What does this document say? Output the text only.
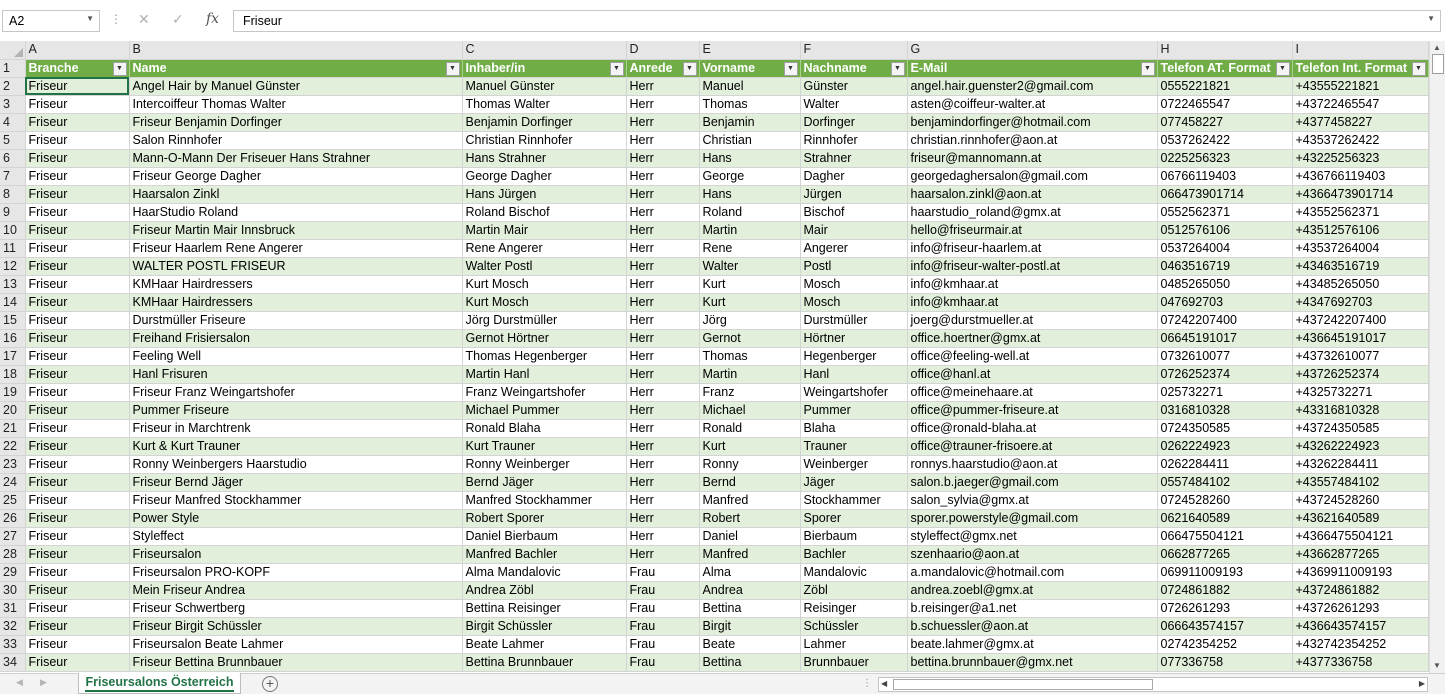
A2	▼ ⋮ ✕ ✓ fx	Friseur	▼
	A	B	C	D	E	F	G	H	I
1	Branche ▼	Name ▼	Inhaber/in ▼	Anrede ▼	Vorname ▼	Nachname ▼	E-Mail ▼	Telefon AT. Format ▼	Telefon Int. Format ▼

2	Friseur	Angel Hair by Manuel Günster	Manuel Günster	Herr	Manuel	Günster	angel.hair.guenster2@gmail.com	0555221821	+43555221821
3	Friseur	Intercoiffeur Thomas Walter	Thomas Walter	Herr	Thomas	Walter	asten@coiffeur-walter.at	0722465547	+43722465547
4	Friseur	Friseur Benjamin Dorfinger	Benjamin Dorfinger	Herr	Benjamin	Dorfinger	benjamindorfinger@hotmail.com	077458227	+4377458227
5	Friseur	Salon Rinnhofer	Christian Rinnhofer	Herr	Christian	Rinnhofer	christian.rinnhofer@aon.at	0537262422	+43537262422
6	Friseur	Mann-O-Mann Der Friseuer Hans Strahner	Hans Strahner	Herr	Hans	Strahner	friseur@mannomann.at	0225256323	+43225256323
7	Friseur	Friseur George Dagher	George Dagher	Herr	George	Dagher	georgedaghersalon@gmail.com	06766119403	+436766119403
8	Friseur	Haarsalon Zinkl	Hans Jürgen	Herr	Hans	Jürgen	haarsalon.zinkl@aon.at	066473901714	+4366473901714
9	Friseur	HaarStudio Roland	Roland Bischof	Herr	Roland	Bischof	haarstudio_roland@gmx.at	0552562371	+43552562371
10	Friseur	Friseur Martin Mair Innsbruck	Martin Mair	Herr	Martin	Mair	hello@friseurmair.at	0512576106	+43512576106
11	Friseur	Friseur Haarlem Rene Angerer	Rene Angerer	Herr	Rene	Angerer	info@friseur-haarlem.at	0537264004	+43537264004
12	Friseur	WALTER POSTL FRISEUR	Walter Postl	Herr	Walter	Postl	info@friseur-walter-postl.at	0463516719	+43463516719
13	Friseur	KMHaar Hairdressers	Kurt Mosch	Herr	Kurt	Mosch	info@kmhaar.at	0485265050	+43485265050
14	Friseur	KMHaar Hairdressers	Kurt Mosch	Herr	Kurt	Mosch	info@kmhaar.at	047692703	+4347692703
15	Friseur	Durstmüller Friseure	Jörg Durstmüller	Herr	Jörg	Durstmüller	joerg@durstmueller.at	07242207400	+437242207400
16	Friseur	Freihand Frisiersalon	Gernot Hörtner	Herr	Gernot	Hörtner	office.hoertner@gmx.at	06645191017	+436645191017
17	Friseur	Feeling Well	Thomas Hegenberger	Herr	Thomas	Hegenberger	office@feeling-well.at	0732610077	+43732610077
18	Friseur	Hanl Frisuren	Martin Hanl	Herr	Martin	Hanl	office@hanl.at	0726252374	+43726252374
19	Friseur	Friseur Franz Weingartshofer	Franz Weingartshofer	Herr	Franz	Weingartshofer	office@meinehaare.at	025732271	+4325732271
20	Friseur	Pummer Friseure	Michael Pummer	Herr	Michael	Pummer	office@pummer-friseure.at	0316810328	+43316810328
21	Friseur	Friseur in Marchtrenk	Ronald Blaha	Herr	Ronald	Blaha	office@ronald-blaha.at	0724350585	+43724350585
22	Friseur	Kurt & Kurt Trauner	Kurt Trauner	Herr	Kurt	Trauner	office@trauner-frisoere.at	0262224923	+43262224923
23	Friseur	Ronny Weinbergers Haarstudio	Ronny Weinberger	Herr	Ronny	Weinberger	ronnys.haarstudio@aon.at	0262284411	+43262284411
24	Friseur	Friseur Bernd Jäger	Bernd Jäger	Herr	Bernd	Jäger	salon.b.jaeger@gmail.com	0557484102	+43557484102
25	Friseur	Friseur Manfred Stockhammer	Manfred Stockhammer	Herr	Manfred	Stockhammer	salon_sylvia@gmx.at	0724528260	+43724528260
26	Friseur	Power Style	Robert Sporer	Herr	Robert	Sporer	sporer.powerstyle@gmail.com	0621640589	+43621640589
27	Friseur	Styleffect	Daniel Bierbaum	Herr	Daniel	Bierbaum	styleffect@gmx.net	066475504121	+4366475504121
28	Friseur	Friseursalon	Manfred Bachler	Herr	Manfred	Bachler	szenhaario@aon.at	0662877265	+43662877265
29	Friseur	Friseursalon PRO-KOPF	Alma Mandalovic	Frau	Alma	Mandalovic	a.mandalovic@hotmail.com	069911009193	+4369911009193
30	Friseur	Mein Friseur Andrea	Andrea Zöbl	Frau	Andrea	Zöbl	andrea.zoebl@gmx.at	0724861882	+43724861882
31	Friseur	Friseur Schwertberg	Bettina Reisinger	Frau	Bettina	Reisinger	b.reisinger@a1.net	0726261293	+43726261293
32	Friseur	Friseur Birgit Schüssler	Birgit Schüssler	Frau	Birgit	Schüssler	b.schuessler@aon.at	066643574157	+436643574157
33	Friseur	Friseursalon Beate Lahmer	Beate Lahmer	Frau	Beate	Lahmer	beate.lahmer@gmx.at	02742354252	+432742354252
34	Friseur	Friseur Bettina Brunnbauer	Bettina Brunnbauer	Frau	Bettina	Brunnbauer	bettina.brunnbauer@gmx.net	077336758	+4377336758
▲
▼
◀ ▶	Friseursalons Österreich	+	⋮ ◀	▶
